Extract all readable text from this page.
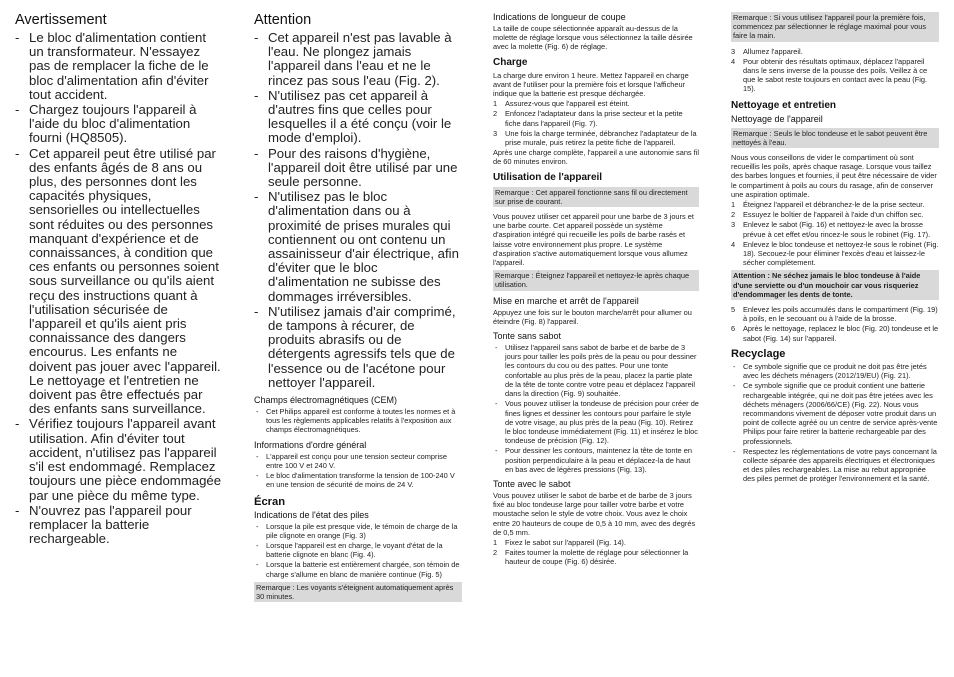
Avertissement
- Le bloc d'alimentation contient un transformateur. N'essayez pas de remplacer la fiche de le bloc d'alimentation afin d'éviter tout accident.
- Chargez toujours l'appareil à l'aide du bloc d'alimentation fourni (HQ8505).
- Cet appareil peut être utilisé par des enfants âgés de 8 ans ou plus, des personnes dont les capacités physiques, sensorielles ou intellectuelles sont réduites ou des personnes manquant d'expérience et de connaissances, à condition que ces enfants ou personnes soient sous surveillance ou qu'ils aient reçu des instructions quant à l'utilisation sécurisée de l'appareil et qu'ils aient pris connaissance des dangers encourus. Les enfants ne doivent pas jouer avec l'appareil. Le nettoyage et l'entretien ne doivent pas être effectués par des enfants sans surveillance.
- Vérifiez toujours l'appareil avant utilisation. Afin d'éviter tout accident, n'utilisez pas l'appareil s'il est endommagé. Remplacez toujours une pièce endommagée par une pièce du même type.
- N'ouvrez pas l'appareil pour remplacer la batterie rechargeable.
Attention
- Cet appareil n'est pas lavable à l'eau. Ne plongez jamais l'appareil dans l'eau et ne le rincez pas sous l'eau (Fig. 2).
- N'utilisez pas cet appareil à d'autres fins que celles pour lesquelles il a été conçu (voir le mode d'emploi).
- Pour des raisons d'hygiène, l'appareil doit être utilisé par une seule personne.
- N'utilisez pas le bloc d'alimentation dans ou à proximité de prises murales qui contiennent ou ont contenu un assainisseur d'air électrique, afin d'éviter que le bloc d'alimentation ne subisse des dommages irréversibles.
- N'utilisez jamais d'air comprimé, de tampons à récurer, de produits abrasifs ou de détergents agressifs tels que de l'essence ou de l'acétone pour nettoyer l'appareil.
Champs électromagnétiques (CEM)
- Cet Philips appareil est conforme à toutes les normes et à tous les règlements applicables relatifs à l'exposition aux champs électromagnétiques.
Informations d'ordre général
- L'appareil est conçu pour une tension secteur comprise entre 100 V et 240 V.
- Le bloc d'alimentation transforme la tension de 100-240 V en une tension de sécurité de moins de 24 V.
Écran
Indications de l'état des piles
- Lorsque la pile est presque vide, le témoin de charge de la pile clignote en orange (Fig. 3)
- Lorsque l'appareil est en charge, le voyant d'état de la batterie clignote en blanc (Fig. 4).
- Lorsque la batterie est entièrement chargée, son témoin de charge s'allume en blanc de manière continue (Fig. 5)
Remarque : Les voyants s'éteignent automatiquement après 30 minutes.
Indications de longueur de coupe
La taille de coupe sélectionnée apparaît au-dessus de la molette de réglage lorsque vous sélectionnez la taille désirée avec la molette (Fig. 6) de réglage.
Charge
La charge dure environ 1 heure. Mettez l'appareil en charge avant de l'utiliser pour la première fois et lorsque l'afficheur indique que la batterie est presque déchargée.
1 Assurez-vous que l'appareil est éteint.
2 Enfoncez l'adaptateur dans la prise secteur et la petite fiche dans l'appareil (Fig. 7).
3 Une fois la charge terminée, débranchez l'adaptateur de la prise murale, puis retirez la petite fiche de l'appareil.
Après une charge complète, l'appareil a une autonomie sans fil de 60 minutes environ.
Utilisation de l'appareil
Remarque : Cet appareil fonctionne sans fil ou directement sur prise de courant.
Vous pouvez utiliser cet appareil pour une barbe de 3 jours et une barbe courte. Cet appareil possède un système d'aspiration intégré qui recueille les poils de barbe rasés et laisse votre environnement plus propre. Le système d'aspiration s'active automatiquement lorsque vous allumez l'appareil.
Remarque : Éteignez l'appareil et nettoyez-le après chaque utilisation.
Mise en marche et arrêt de l'appareil
Appuyez une fois sur le bouton marche/arrêt pour allumer ou éteindre (Fig. 8) l'appareil.
Tonte sans sabot
- Utilisez l'appareil sans sabot de barbe et de barbe de 3 jours pour tailler les poils près de la peau ou pour dessiner les contours du cou ou des pattes. Pour une tonte confortable au plus près de la peau, placez la partie plate de la tête de tonte contre votre peau et déplacez l'appareil dans la direction (Fig. 9) souhaitée.
- Vous pouvez utiliser la tondeuse de précision pour créer de fines lignes et dessiner les contours pour parfaire le style de votre visage, au plus près de la peau (Fig. 10). Retirez le bloc tondeuse immédiatement (Fig. 11) et insérez le bloc tondeuse de précision (Fig. 12).
- Pour dessiner les contours, maintenez la tête de tonte en position perpendiculaire à la peau et déplacez-la de haut en bas avec de légères pressions (Fig. 13).
Tonte avec le sabot
Vous pouvez utiliser le sabot de barbe et de barbe de 3 jours fixé au bloc tondeuse large pour tailler votre barbe et votre moustache selon le style de votre choix. Vous avez le choix entre 20 hauteurs de coupe de 0,5 à 10 mm, avec des degrés de 0,5 mm.
1 Fixez le sabot sur l'appareil (Fig. 14).
2 Faites tourner la molette de réglage pour sélectionner la hauteur de coupe (Fig. 6) désirée.
Remarque : Si vous utilisez l'appareil pour la première fois, commencez par sélectionner le réglage maximal pour vous faire la main.
3 Allumez l'appareil.
4 Pour obtenir des résultats optimaux, déplacez l'appareil dans le sens inverse de la pousse des poils. Veillez à ce que le sabot reste toujours en contact avec la peau (Fig. 15).
Nettoyage et entretien
Nettoyage de l'appareil
Remarque : Seuls le bloc tondeuse et le sabot peuvent être nettoyés à l'eau.
Nous vous conseillons de vider le compartiment où sont recueillis les poils, après chaque rasage. Lorsque vous taillez des barbes longues et fournies, il peut être nécessaire de vider le compartiment à poils au cours du rasage, afin de conserver une aspiration optimale.
1 Éteignez l'appareil et débranchez-le de la prise secteur.
2 Essuyez le boîtier de l'appareil à l'aide d'un chiffon sec.
3 Enlevez le sabot (Fig. 16) et nettoyez-le avec la brosse prévue à cet effet et/ou rincez-le sous le robinet (Fig. 17).
4 Enlevez le bloc tondeuse et nettoyez-le sous le robinet (Fig. 18). Secouez-le pour éliminer l'excès d'eau et laissez-le sécher complètement.
Attention : Ne séchez jamais le bloc tondeuse à l'aide d'une serviette ou d'un mouchoir car vous risqueriez d'endommager les dents de tonte.
5 Enlevez les poils accumulés dans le compartiment (Fig. 19) à poils, en le secouant ou à l'aide de la brosse.
6 Après le nettoyage, replacez le bloc (Fig. 20) tondeuse et le sabot (Fig. 14) sur l'appareil.
Recyclage
- Ce symbole signifie que ce produit ne doit pas être jetés avec les déchets ménagers (2012/19/EU) (Fig. 21).
- Ce symbole signifie que ce produit contient une batterie rechargeable intégrée, qui ne doit pas être jetées avec les déchets ménagers (2006/66/CE) (Fig. 22). Nous vous recommandons vivement de déposer votre produit dans un point de collecte agréé ou un centre de service après-vente Philips pour faire retirer la batterie rechargeable par des professionnels.
- Respectez les réglementations de votre pays concernant la collecte séparée des appareils électriques et électroniques et des piles rechargeables. La mise au rebut appropriée des piles permet de protéger l'environnement et la santé.
